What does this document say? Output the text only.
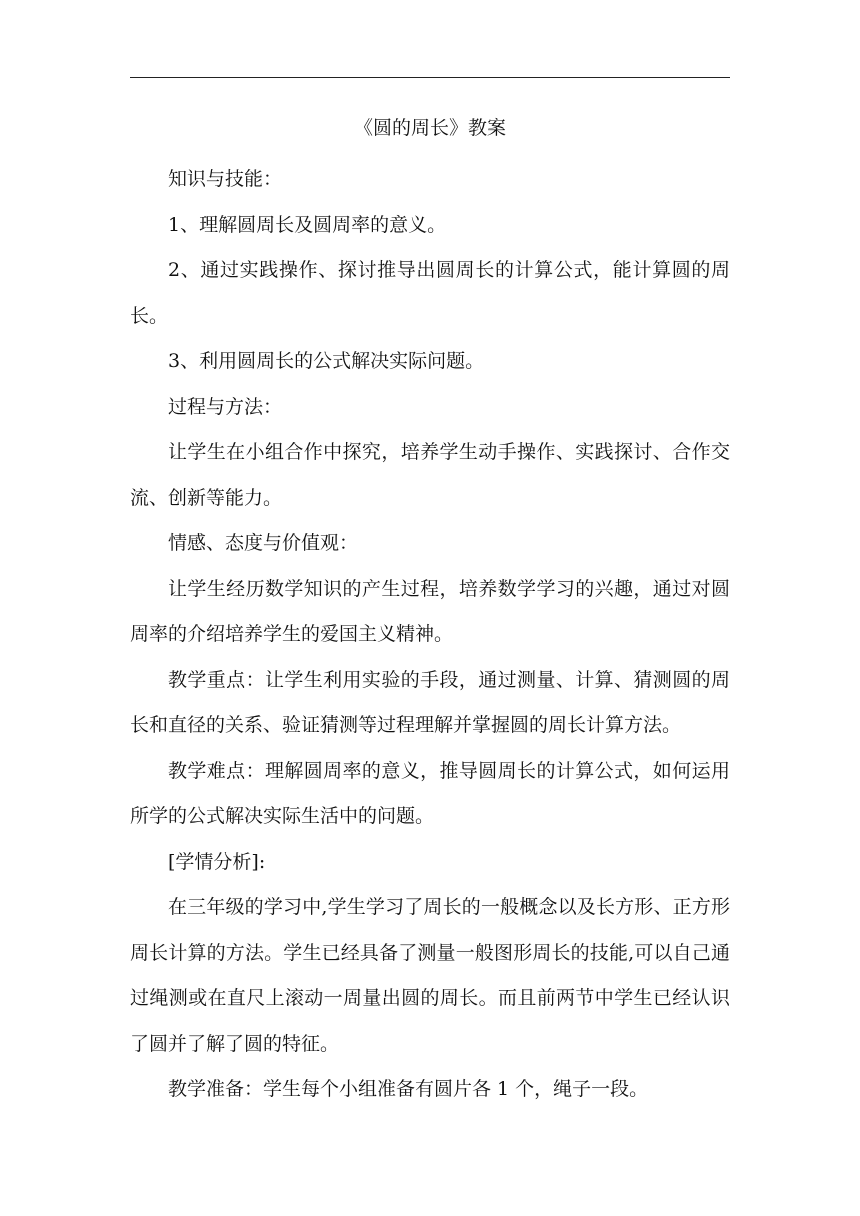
《圆的周长》教案

知识与技能：

1、理解圆周长及圆周率的意义。

2、通过实践操作、探讨推导出圆周长的计算公式，能计算圆的周长。

3、利用圆周长的公式解决实际问题。

过程与方法：

让学生在小组合作中探究，培养学生动手操作、实践探讨、合作交流、创新等能力。

情感、态度与价值观：

让学生经历数学知识的产生过程，培养数学学习的兴趣，通过对圆周率的介绍培养学生的爱国主义精神。

教学重点：让学生利用实验的手段，通过测量、计算、猜测圆的周长和直径的关系、验证猜测等过程理解并掌握圆的周长计算方法。

教学难点：理解圆周率的意义，推导圆周长的计算公式，如何运用所学的公式解决实际生活中的问题。

[学情分析]:

在三年级的学习中,学生学习了周长的一般概念以及长方形、正方形周长计算的方法。学生已经具备了测量一般图形周长的技能,可以自己通过绳测或在直尺上滚动一周量出圆的周长。而且前两节中学生已经认识了圆并了解了圆的特征。

教学准备：学生每个小组准备有圆片各 1 个，绳子一段。
